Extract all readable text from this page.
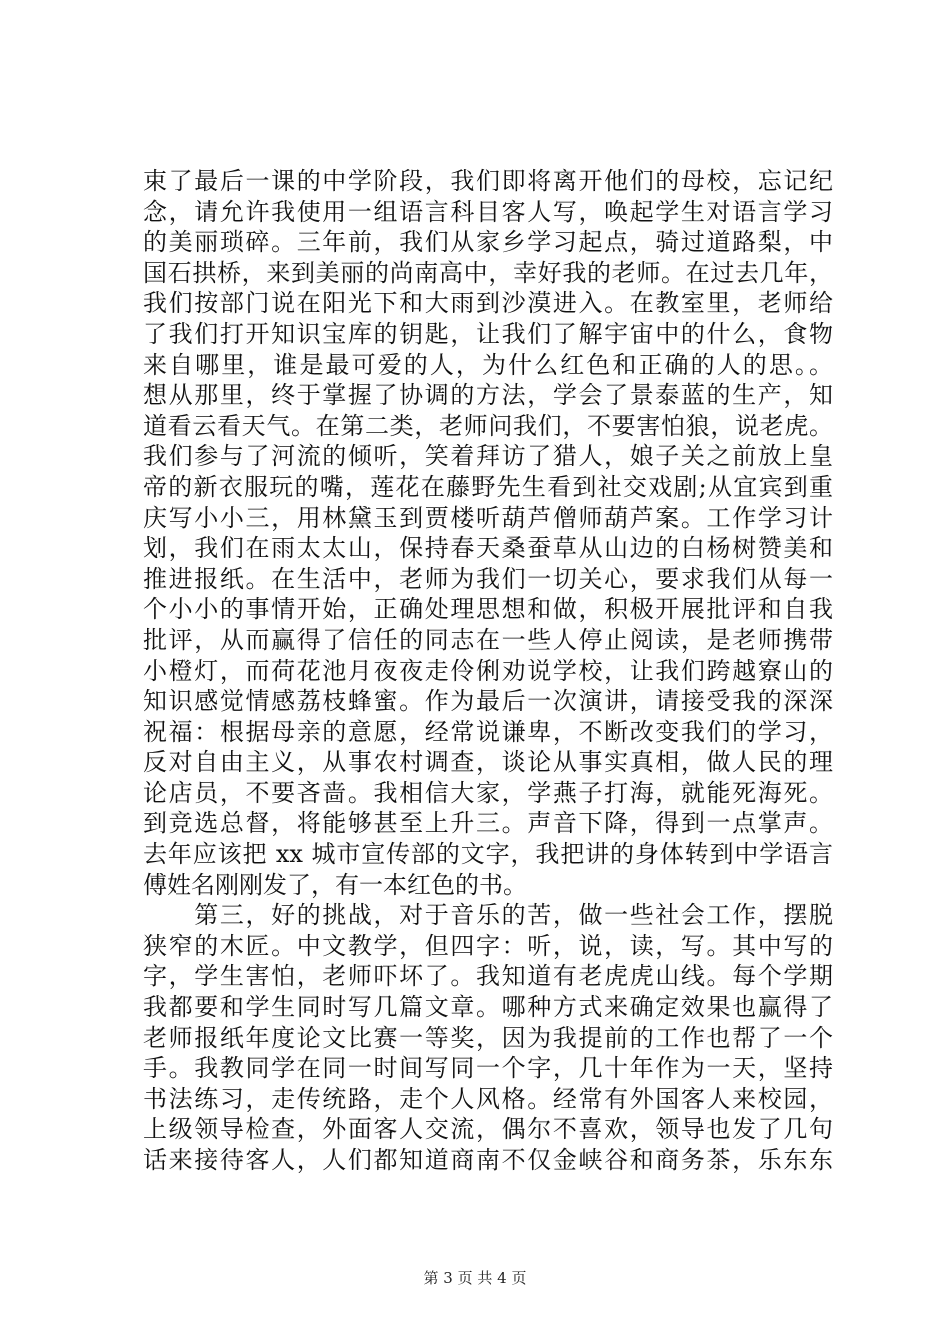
束了最后一课的中学阶段，我们即将离开他们的母校，忘记纪
念，请允许我使用一组语言科目客人写，唤起学生对语言学习
的美丽琐碎。三年前，我们从家乡学习起点，骑过道路梨，中
国石拱桥，来到美丽的尚南高中，幸好我的老师。在过去几年，
我们按部门说在阳光下和大雨到沙漠进入。在教室里，老师给
了我们打开知识宝库的钥匙，让我们了解宇宙中的什么，食物
来自哪里，谁是最可爱的人，为什么红色和正确的人的思。。
想从那里，终于掌握了协调的方法，学会了景泰蓝的生产，知
道看云看天气。在第二类，老师问我们，不要害怕狼，说老虎。
我们参与了河流的倾听，笑着拜访了猎人，娘子关之前放上皇
帝的新衣服玩的嘴，莲花在藤野先生看到社交戏剧;从宜宾到重
庆写小小三，用林黛玉到贾楼听葫芦僧师葫芦案。工作学习计
划，我们在雨太太山，保持春天桑蚕草从山边的白杨树赞美和
推进报纸。在生活中，老师为我们一切关心，要求我们从每一
个小小的事情开始，正确处理思想和做，积极开展批评和自我
批评，从而赢得了信任的同志在一些人停止阅读，是老师携带
小橙灯，而荷花池月夜夜走伶俐劝说学校，让我们跨越寮山的
知识感觉情感荔枝蜂蜜。作为最后一次演讲，请接受我的深深
祝福：根据母亲的意愿，经常说谦卑，不断改变我们的学习，
反对自由主义，从事农村调查，谈论从事实真相，做人民的理
论店员，不要吝啬。我相信大家，学燕子打海，就能死海死。
到竞选总督，将能够甚至上升三。声音下降，得到一点掌声。
去年应该把 xx 城市宣传部的文字，我把讲的身体转到中学语言
傅姓名刚刚发了，有一本红色的书。
　　第三，好的挑战，对于音乐的苦，做一些社会工作，摆脱
狭窄的木匠。中文教学，但四字：听，说，读，写。其中写的
字，学生害怕，老师吓坏了。我知道有老虎虎山线。每个学期
我都要和学生同时写几篇文章。哪种方式来确定效果也赢得了
老师报纸年度论文比赛一等奖，因为我提前的工作也帮了一个
手。我教同学在同一时间写同一个字，几十年作为一天，坚持
书法练习，走传统路，走个人风格。经常有外国客人来校园，
上级领导检查，外面客人交流，偶尔不喜欢，领导也发了几句
话来接待客人，人们都知道商南不仅金峡谷和商务茶，乐东东
第 3 页 共 4 页
